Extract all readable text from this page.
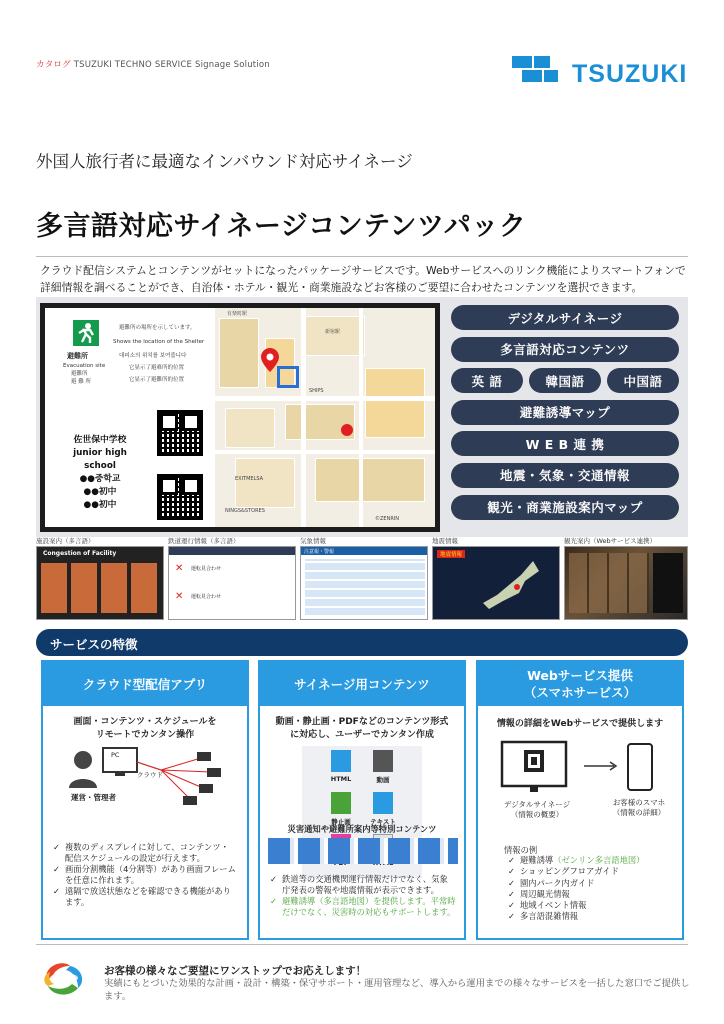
カタログ TSUZUKI TECHNO SERVICE Signage Solution	TSUZUKI
外国人旅行者に最適なインバウンド対応サイネージ
多言語対応サイネージコンテンツパック
クラウド配信システムとコンテンツがセットになったパッケージサービスです。Webサービスへのリンク機能によりスマートフォンで詳細情報を調べることができ、自治体・ホテル・観光・商業施設などお客様のご要望に合わせたコンテンツを選択できます。
避難所
Evacuation site
避難所
避 難 所
避難所の場所を示しています。
Shows the location of the Shelter
대피소의 위치를 보여줍니다
它显示了避难所的位置
它显示了避難所的位置
佐世保中学校
junior high
school
●●중학교
●●初中
●●初中
有楽町駅
新宿駅
SHIPS
EXITMELSA
NINGS&STORES
©ZENRIN
デジタルサイネージ
多言語対応コンテンツ
英 語	韓国語	中国語
避難誘導マップ
W E B 連 携
地震・気象・交通情報
観光・商業施設案内マップ
施設案内（多言語）
Congestion of Facility
鉄道運行情報（多言語）
✕ 運転見合わせ
✕ 運転見合わせ
気象情報
注意報・警報
地震情報
地震情報
観光案内（Webサービス連携）
サービスの特徴
クラウド型配信アプリ
画面・コンテンツ・スケジュールを
リモートでカンタン操作
PC
クラウド
運営・管理者
✓ 複数のディスプレイに対して、コンテンツ・配信スケジュールの設定が行えます。
✓ 画面分割機能（4分割等）があり画面フレームを任意に作れます。
✓ 遠隔で放送状態などを確認できる機能があります。
サイネージ用コンテンツ
動画・静止画・PDFなどのコンテンツ形式
に対応し、ユーザーでカンタン作成
HTML	動画
静止画	テキスト
災害通知や避難所案内等特別コンテンツ
✓ 鉄道等の交通機関運行情報だけでなく、気象庁発表の警報や地震情報が表示できます。
✓ 避難誘導（多言語地図）を提供します。平常時だけでなく、災害時の対応もサポートします。
Webサービス提供
（スマホサービス）
情報の詳細をWebサービスで提供します
デジタルサイネージ
（情報の概要）
お客様のスマホ
（情報の詳細）
情報の例
✓ 避難誘導（ゼンリン多言語地図）
✓ ショッピングフロアガイド
✓ 園内パーク内ガイド
✓ 周辺観光情報
✓ 地域イベント情報
✓ 多言語混雑情報
お客様の様々なご要望にワンストップでお応えします！
実績にもとづいた効果的な計画・設計・構築・保守サポート・運用管理など、導入から運用までの様々なサービスを一括した窓口でご提供します。
